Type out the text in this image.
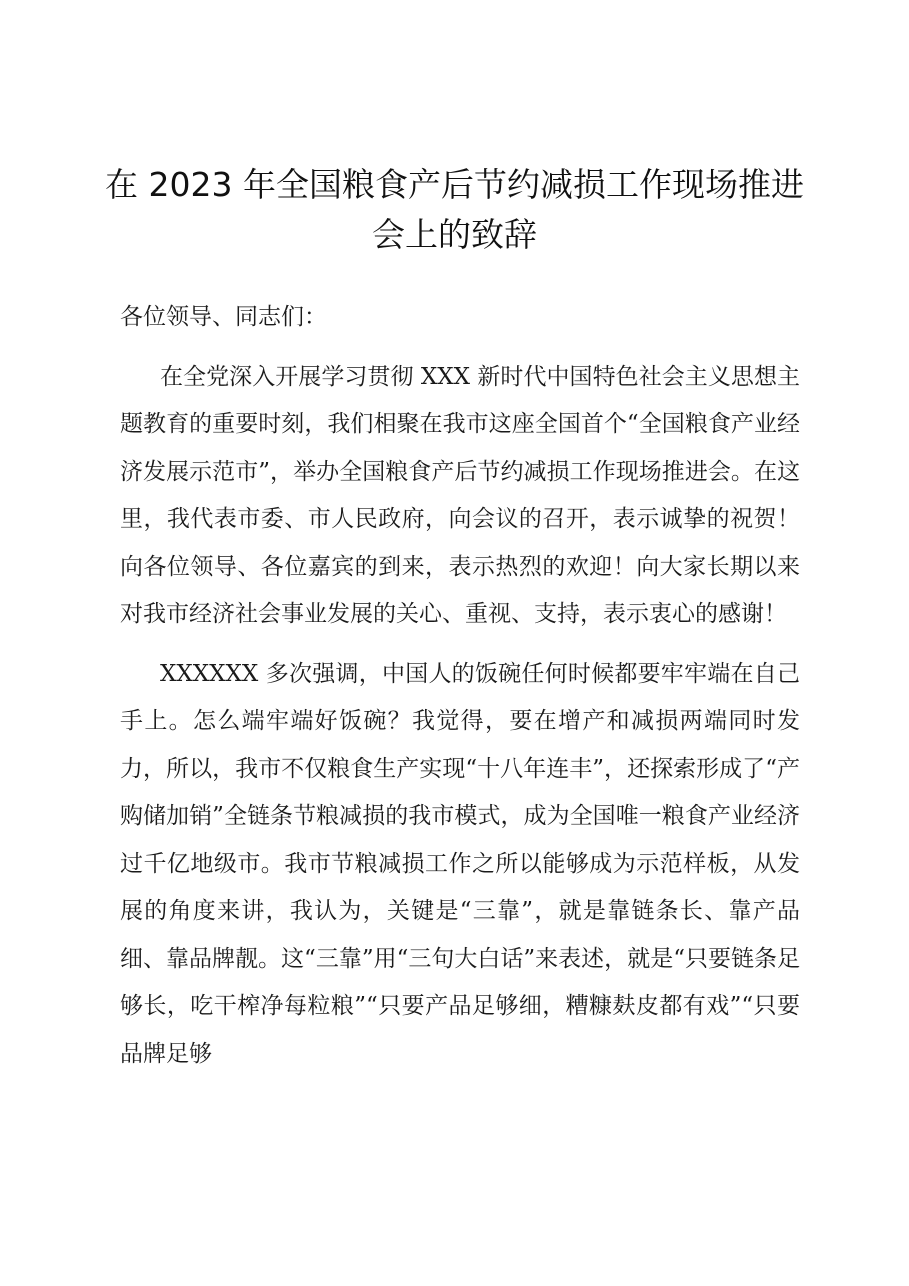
在 2023 年全国粮食产后节约减损工作现场推进会上的致辞

各位领导、同志们：

在全党深入开展学习贯彻 XXX 新时代中国特色社会主义思想主题教育的重要时刻，我们相聚在我市这座全国首个“全国粮食产业经济发展示范市”，举办全国粮食产后节约减损工作现场推进会。在这里，我代表市委、市人民政府，向会议的召开，表示诚挚的祝贺！向各位领导、各位嘉宾的到来，表示热烈的欢迎！向大家长期以来对我市经济社会事业发展的关心、重视、支持，表示衷心的感谢！

XXXXXX 多次强调，中国人的饭碗任何时候都要牢牢端在自己手上。怎么端牢端好饭碗？我觉得，要在增产和减损两端同时发力，所以，我市不仅粮食生产实现“十八年连丰”，还探索形成了“产购储加销”全链条节粮减损的我市模式，成为全国唯一粮食产业经济过千亿地级市。我市节粮减损工作之所以能够成为示范样板，从发展的角度来讲，我认为，关键是“三靠”，就是靠链条长、靠产品细、靠品牌靓。这“三靠”用“三句大白话”来表述，就是“只要链条足够长，吃干榨净每粒粮”“只要产品足够细，糟糠麸皮都有戏”“只要品牌足够
